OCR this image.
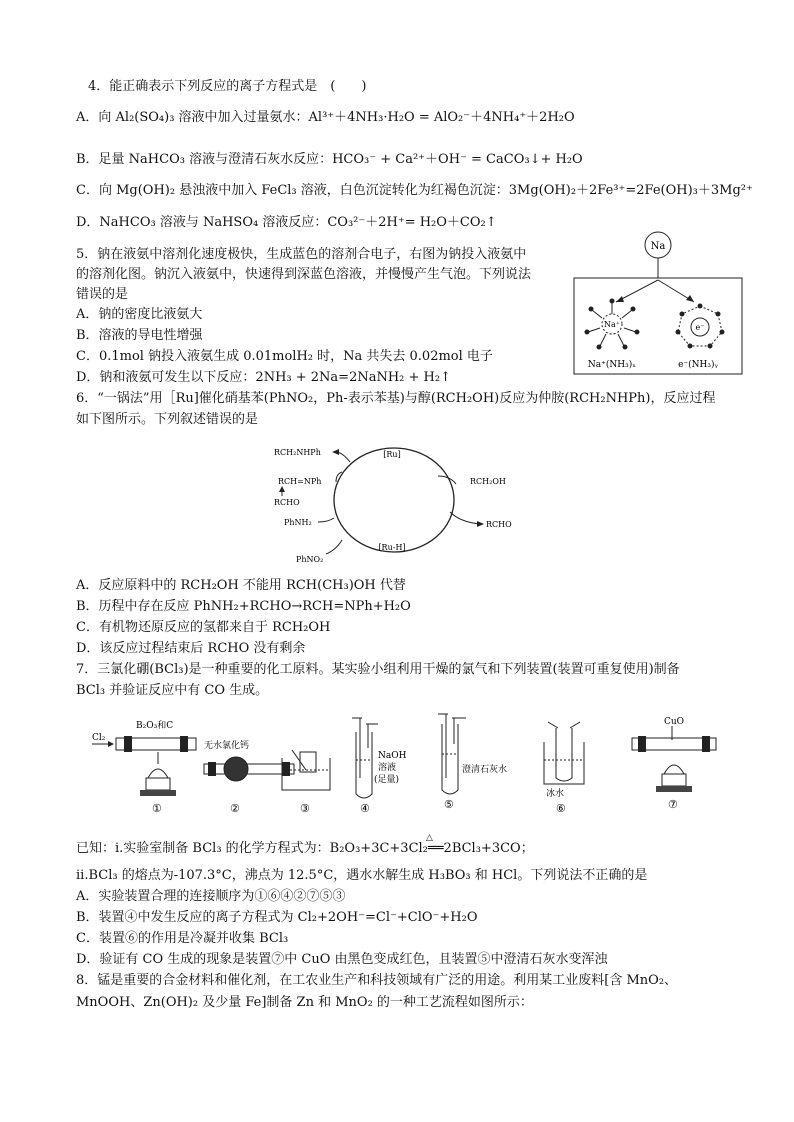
4．能正确表示下列反应的离子方程式是　(　　)
A．向 Al₂(SO₄)₃ 溶液中加入过量氨水：Al³⁺＋4NH₃·H₂O = AlO₂⁻＋4NH₄⁺＋2H₂O
B．足量 NaHCO₃ 溶液与澄清石灰水反应：HCO₃⁻ + Ca²⁺＋OH⁻ = CaCO₃↓+ H₂O
C．向 Mg(OH)₂ 悬浊液中加入 FeCl₃ 溶液，白色沉淀转化为红褐色沉淀：3Mg(OH)₂＋2Fe³⁺=2Fe(OH)₃＋3Mg²⁺
D．NaHCO₃ 溶液与 NaHSO₄ 溶液反应：CO₃²⁻＋2H⁺= H₂O＋CO₂↑
5．钠在液氨中溶剂化速度极快，生成蓝色的溶剂合电子，右图为钠投入液氨中
的溶剂化图。钠沉入液氨中，快速得到深蓝色溶液，并慢慢产生气泡。下列说法
错误的是
A．钠的密度比液氨大
B．溶液的导电性增强
C．0.1mol 钠投入液氨生成 0.01molH₂ 时，Na 共失去 0.02mol 电子
D．钠和液氨可发生以下反应：2NH₃ + 2Na=2NaNH₂ + H₂↑
Na
Na⁺	e⁻
Na⁺(NH₃)ₓ	e⁻(NH₃)ᵧ
6．“一锅法”用［Ru]催化硝基苯(PhNO₂，Ph-表示苯基)与醇(RCH₂OH)反应为仲胺(RCH₂NHPh)，反应过程
如下图所示。下列叙述错误的是
[Ru]
[Ru-H]
RCH₂OH
RCHO
RCH₂NHPh
RCH=NPh
RCHO
PhNH₂
PhNO₂
A．反应原料中的 RCH₂OH 不能用 RCH(CH₃)OH 代替
B．历程中存在反应 PhNH₂+RCHO→RCH=NPh+H₂O
C．有机物还原反应的氢都来自于 RCH₂OH
D．该反应过程结束后 RCHO 没有剩余
7．三氯化硼(BCl₃)是一种重要的化工原料。某实验小组利用干燥的氯气和下列装置(装置可重复使用)制备
BCl₃ 并验证反应中有 CO 生成。
Cl₂
B₂O₃和C
①
无水氯化钙
②	③
NaOH
溶液
(足量)
④
澄清石灰水
⑤
冰水
⑥
CuO
⑦
已知：i.实验室制备 BCl₃ 的化学方程式为：B₂O₃+3C+3Cl₂══2BCl₃+3CO；
△
ii.BCl₃ 的熔点为-107.3°C，沸点为 12.5°C，遇水水解生成 H₃BO₃ 和 HCl。下列说法不正确的是
A．实验装置合理的连接顺序为①⑥④②⑦⑤③
B．装置④中发生反应的离子方程式为 Cl₂+2OH⁻=Cl⁻+ClO⁻+H₂O
C．装置⑥的作用是冷凝并收集 BCl₃
D．验证有 CO 生成的现象是装置⑦中 CuO 由黑色变成红色，且装置⑤中澄清石灰水变浑浊
8．锰是重要的合金材料和催化剂，在工农业生产和科技领域有广泛的用途。利用某工业废料[含 MnO₂、
MnOOH、Zn(OH)₂ 及少量 Fe]制备 Zn 和 MnO₂ 的一种工艺流程如图所示：
